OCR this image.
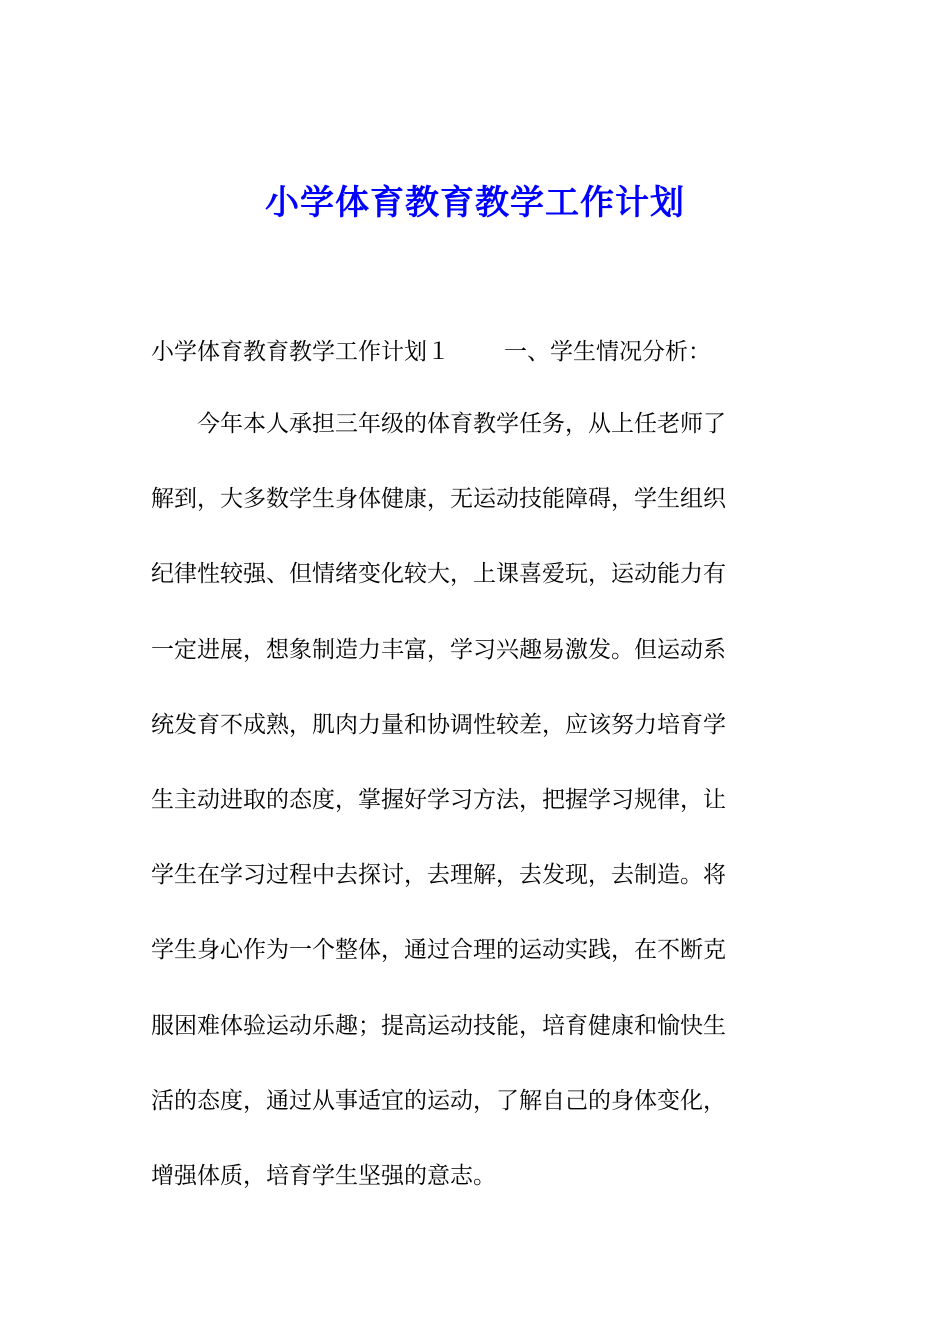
小学体育教育教学工作计划
小学体育教育教学工作计划１ 一、学生情况分析：
　　今年本人承担三年级的体育教学任务，从上任老师了
解到，大多数学生身体健康，无运动技能障碍，学生组织
纪律性较强、但情绪变化较大，上课喜爱玩，运动能力有
一定进展，想象制造力丰富，学习兴趣易激发。但运动系
统发育不成熟，肌肉力量和协调性较差，应该努力培育学
生主动进取的态度，掌握好学习方法，把握学习规律，让
学生在学习过程中去探讨，去理解，去发现，去制造。将
学生身心作为一个整体，通过合理的运动实践，在不断克
服困难体验运动乐趣；提高运动技能，培育健康和愉快生
活的态度，通过从事适宜的运动，了解自己的身体变化，
增强体质，培育学生坚强的意志。
